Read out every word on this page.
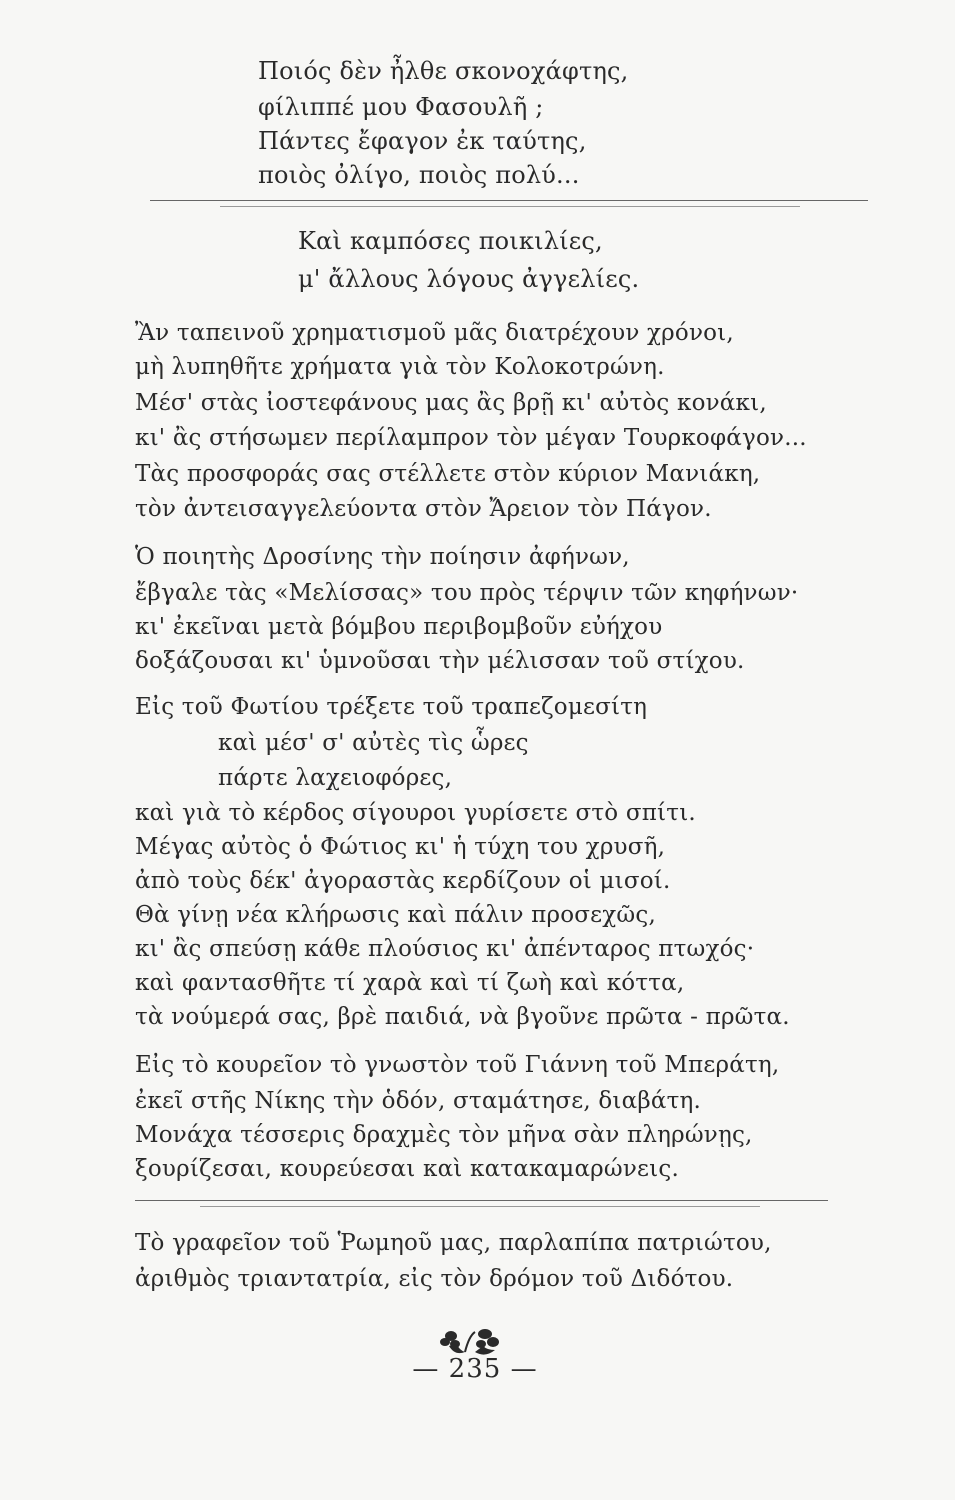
Ποιός δὲν ἦλθε σκονοχάφτης,
φίλιππέ μου Φασουλῆ ;
Πάντες ἔφαγον ἐκ ταύτης,
ποιὸς ὀλίγο, ποιὸς πολύ...
Καὶ καμπόσες ποικιλίες,
μ' ἄλλους λόγους ἀγγελίες.
Ἂν ταπεινοῦ χρηματισμοῦ μᾶς διατρέχουν χρόνοι,
μὴ λυπηθῆτε χρήματα γιὰ τὸν Κολοκοτρώνη.
Μέσ' στὰς ἰοστεφάνους μας ἂς βρῇ κι' αὐτὸς κονάκι,
κι' ἂς στήσωμεν περίλαμπρον τὸν μέγαν Τουρκοφάγον...
Τὰς προσφοράς σας στέλλετε στὸν κύριον Μανιάκη,
τὸν ἀντεισαγγελεύοντα στὸν Ἄρειον τὸν Πάγον.
Ὁ ποιητὴς Δροσίνης τὴν ποίησιν ἀφήνων,
ἔβγαλε τὰς «Μελίσσας» του πρὸς τέρψιν τῶν κηφήνων·
κι' ἐκεῖναι μετὰ βόμβου περιβομβοῦν εὐήχου
δοξάζουσαι κι' ὑμνοῦσαι τὴν μέλισσαν τοῦ στίχου.
Εἰς τοῦ Φωτίου τρέξετε τοῦ τραπεζομεσίτη
καὶ μέσ' σ' αὐτὲς τὶς ὧρες
πάρτε λαχειοφόρες,
καὶ γιὰ τὸ κέρδος σίγουροι γυρίσετε στὸ σπίτι.
Μέγας αὐτὸς ὁ Φώτιος κι' ἡ τύχη του χρυσῆ,
ἀπὸ τοὺς δέκ' ἀγοραστὰς κερδίζουν οἱ μισοί.
Θὰ γίνῃ νέα κλήρωσις καὶ πάλιν προσεχῶς,
κι' ἂς σπεύσῃ κάθε πλούσιος κι' ἀπένταρος πτωχός·
καὶ φαντασθῆτε τί χαρὰ καὶ τί ζωὴ καὶ κόττα,
τὰ νούμερά σας, βρὲ παιδιά, νὰ βγοῦνε πρῶτα - πρῶτα.
Εἰς τὸ κουρεῖον τὸ γνωστὸν τοῦ Γιάννη τοῦ Μπεράτη,
ἐκεῖ στῆς Νίκης τὴν ὁδόν, σταμάτησε, διαβάτη.
Μονάχα τέσσερις δραχμὲς τὸν μῆνα σὰν πληρώνῃς,
ξουρίζεσαι, κουρεύεσαι καὶ κατακαμαρώνεις.
Τὸ γραφεῖον τοῦ Ῥωμηοῦ μας, παρλαπίπα πατριώτου,
ἀριθμὸς τριαντατρία, εἰς τὸν δρόμον τοῦ Διδότου.
— 235 —
